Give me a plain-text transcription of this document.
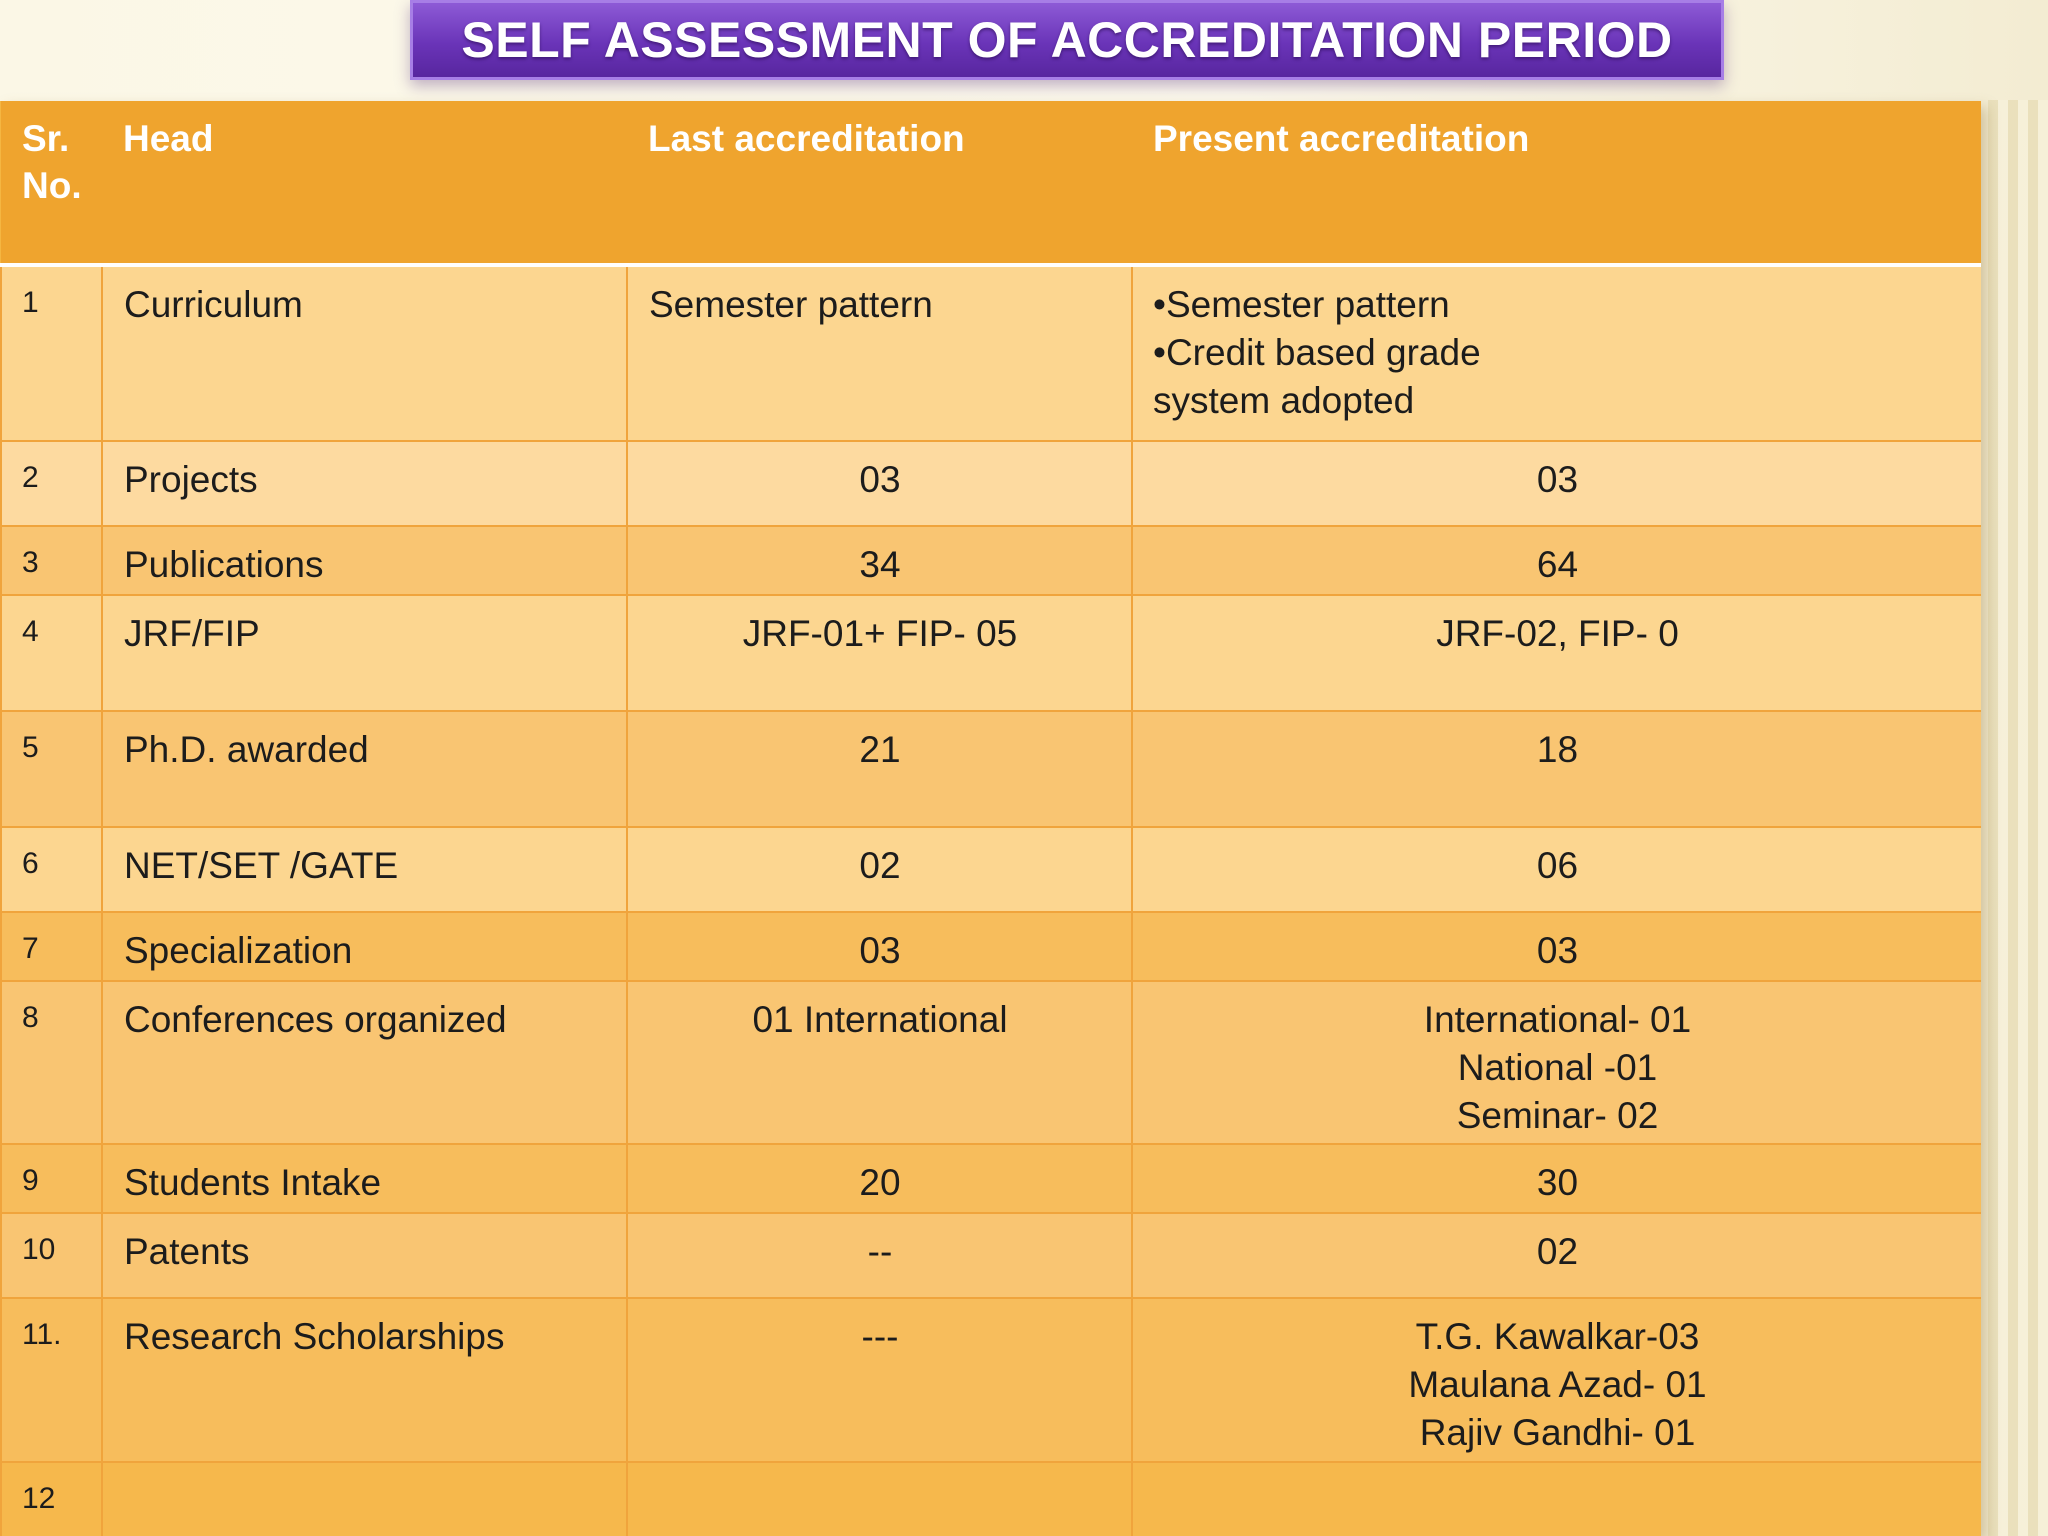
SELF ASSESSMENT OF ACCREDITATION PERIOD
Sr. No.	Head	Last accreditation	Present accreditation
1	Curriculum	Semester pattern	•Semester pattern
•Credit based grade
system adopted
2	Projects	03	03
3	Publications	34	64
4	JRF/FIP	JRF-01+ FIP- 05	JRF-02, FIP- 0
5	Ph.D. awarded	21	18
6	NET/SET /GATE	02	06
7	Specialization	03	03
8	Conferences organized	01 International	International- 01
National -01
Seminar- 02
9	Students Intake	20	30
10	Patents	--	02
11.	Research Scholarships	---	T.G. Kawalkar-03
Maulana Azad- 01
Rajiv Gandhi- 01
12			
